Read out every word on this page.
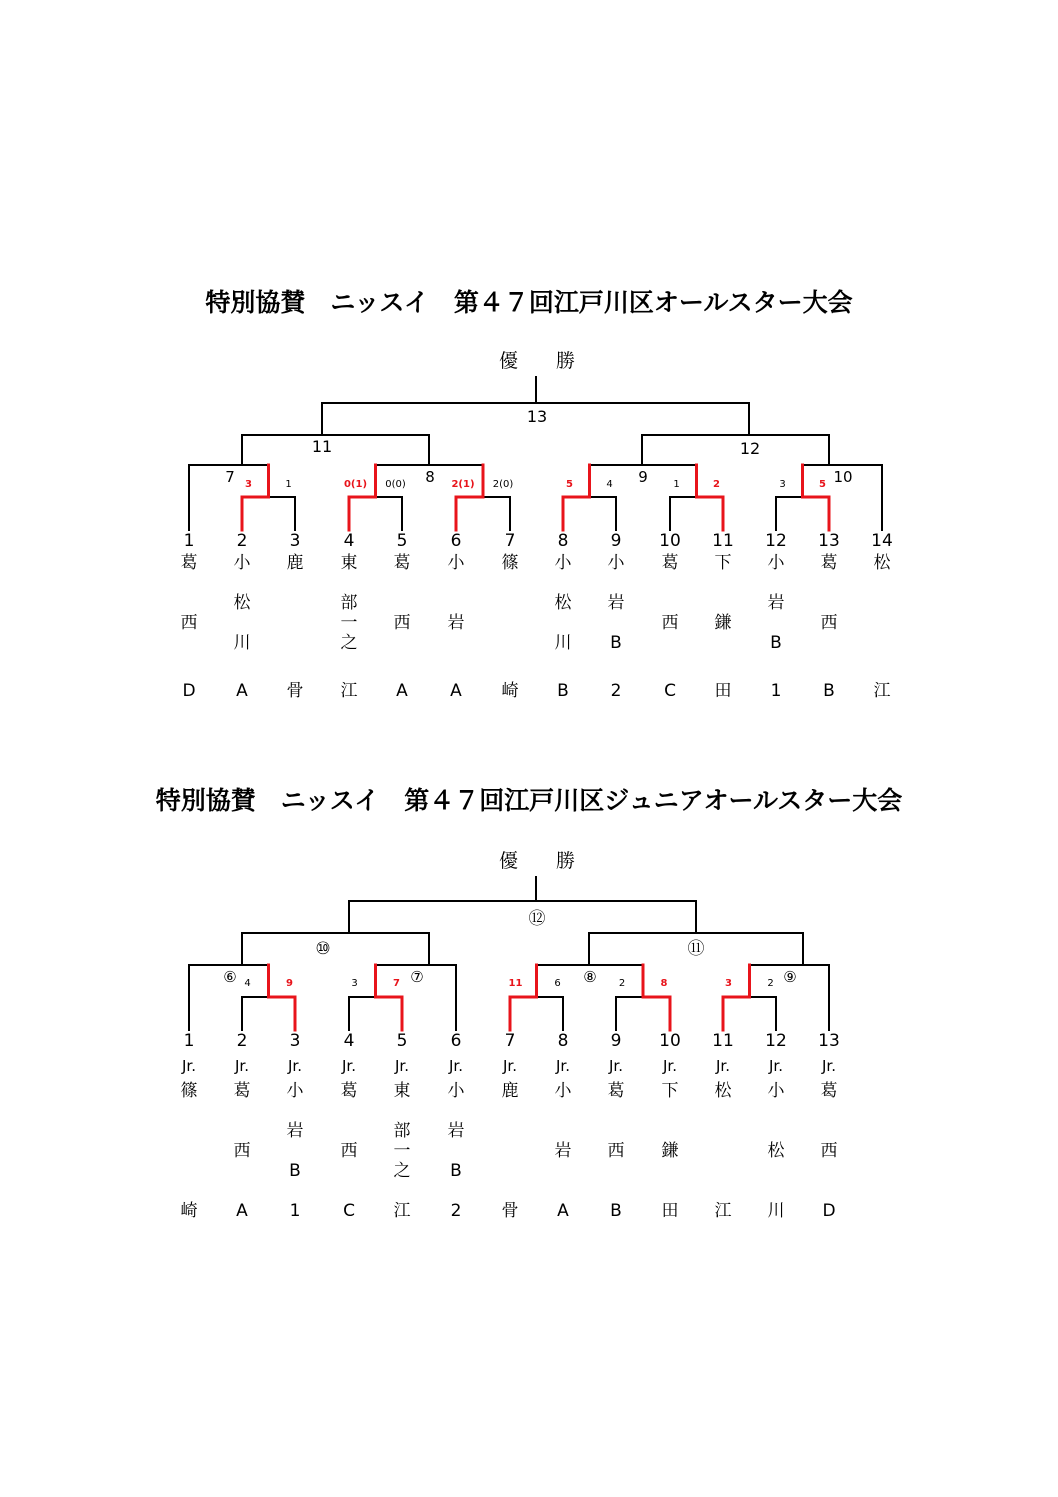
特別協賛　ニッスイ　第４７回江戸川区オールスター大会
優　　勝
13
11	12
7	8	9	10
3	1	0(1) 0(0)	2(1) 2(0)	5	4	1	2	3	5
1
葛
西
D
2
小
松
川
A
3
鹿
骨
4
東
部
一
之
江
5
葛
西
A
6
小
岩
A
7
篠
崎
8
小
松
川
B
9
小
岩
B
2
10
葛
西
C
11
下
鎌
田
12
小
岩
B
1
13
葛
西
B
14
松
江
特別協賛　ニッスイ　第４７回江戸川区ジュニアオールスター大会
優　　勝
⑫
⑩	⑪
⑥	⑦	⑧	⑨
4	9	3	7	11	6	2	8	3	2
1
Jr.
篠
崎
2
Jr.
葛
西
A
3
Jr.
小
岩
B
1
4
Jr.
葛
西
C
5
Jr.
東
部
一
之
江
6
Jr.
小
岩
B
2
7
Jr.
鹿
骨
8
Jr.
小
岩
A
9
Jr.
葛
西
B
10
Jr.
下
鎌
田
11
Jr.
松
江
12
Jr.
小
松
川
13
Jr.
葛
西
D
